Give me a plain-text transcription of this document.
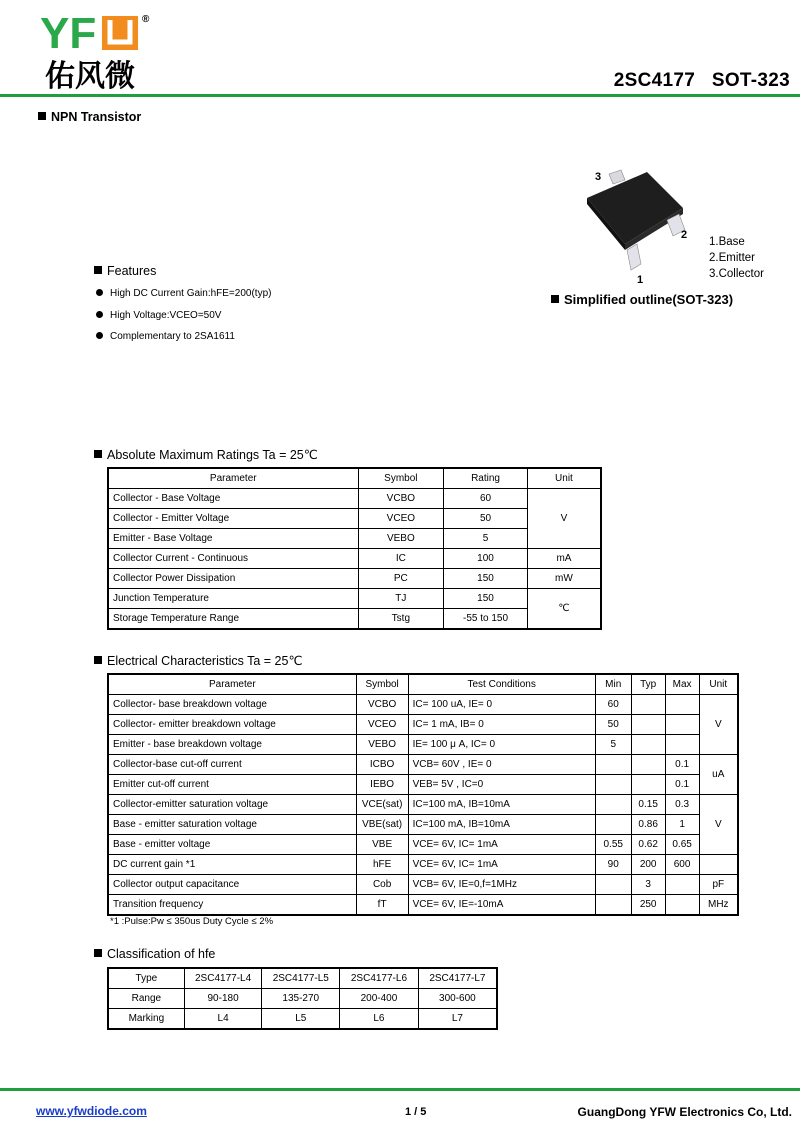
YF	®
佑风微	2SC4177 SOT-323
NPN Transistor
3
2
1
1.Base
2.Emitter
3.Collector
Simplified outline(SOT-323)
Features
High DC Current Gain:hFE=200(typ)
High Voltage:VCEO=50V
Complementary to 2SA1611
Absolute Maximum Ratings Ta = 25℃
Parameter	Symbol	Rating	Unit
Collector - Base Voltage	VCBO	60	V
Collector - Emitter Voltage	VCEO	50	
Emitter - Base Voltage	VEBO	5	
Collector Current - Continuous	IC	100	mA
Collector Power Dissipation	PC	150	mW
Junction Temperature	TJ	150	℃
Storage Temperature Range	Tstg	-55 to 150	
Electrical Characteristics Ta = 25℃
Parameter	Symbol	Test Conditions	Min	Typ	Max	Unit
Collector- base breakdown voltage	VCBO	IC= 100 uA, IE= 0	60			V
Collector- emitter breakdown voltage	VCEO	IC= 1 mA, IB= 0	50			
Emitter - base breakdown voltage	VEBO	IE= 100 μ A, IC= 0	5			
Collector-base cut-off current	ICBO	VCB= 60V , IE= 0			0.1	uA
Emitter cut-off current	IEBO	VEB= 5V , IC=0			0.1	
Collector-emitter saturation voltage	VCE(sat)	IC=100 mA, IB=10mA		0.15	0.3	V
Base - emitter saturation voltage	VBE(sat)	IC=100 mA, IB=10mA		0.86	1	
Base - emitter voltage	VBE	VCE= 6V, IC= 1mA	0.55	0.62	0.65	
DC current gain *1	hFE	VCE= 6V, IC= 1mA	90	200	600	
Collector output capacitance	Cob	VCB= 6V, IE=0,f=1MHz		3		pF
Transition frequency	fT	VCE= 6V, IE=-10mA		250		MHz
*1 :Pulse:Pw ≤ 350us Duty Cycle ≤ 2%
Classification of hfe
Type	2SC4177-L4	2SC4177-L5	2SC4177-L6	2SC4177-L7
Range	90-180	135-270	200-400	300-600
Marking	L4	L5	L6	L7
www.yfwdiode.com	1 / 5	GuangDong YFW Electronics Co, Ltd.
